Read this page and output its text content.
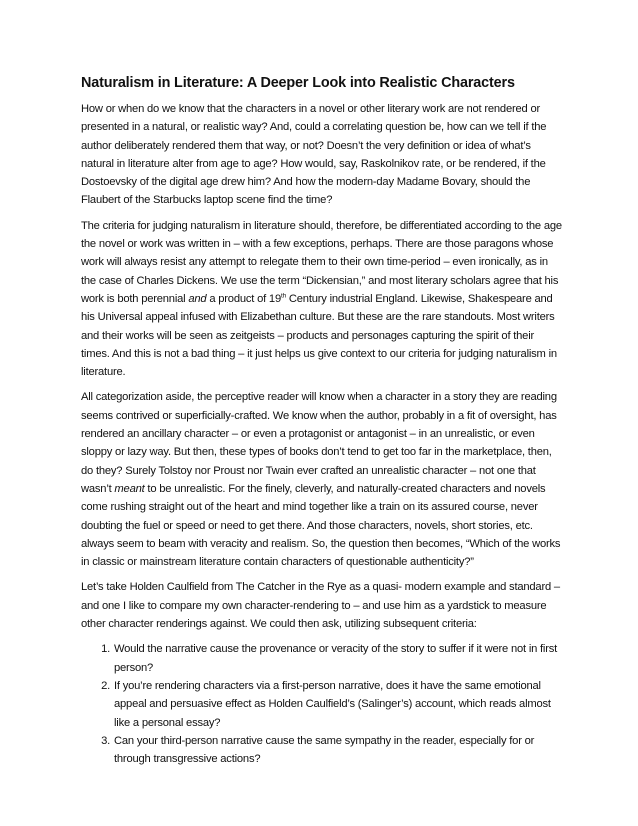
Naturalism in Literature: A Deeper Look into Realistic Characters

How or when do we know that the characters in a novel or other literary work are not rendered or presented in a natural, or realistic way? And, could a correlating question be, how can we tell if the author deliberately rendered them that way, or not? Doesn’t the very definition or idea of what’s natural in literature alter from age to age? How would, say, Raskolnikov rate, or be rendered, if the Dostoevsky of the digital age drew him? And how the modern-day Madame Bovary, should the Flaubert of the Starbucks laptop scene find the time?

The criteria for judging naturalism in literature should, therefore, be differentiated according to the age the novel or work was written in – with a few exceptions, perhaps. There are those paragons whose work will always resist any attempt to relegate them to their own time-period – even ironically, as in the case of Charles Dickens. We use the term “Dickensian,” and most literary scholars agree that his work is both perennial and a product of 19th Century industrial England. Likewise, Shakespeare and his Universal appeal infused with Elizabethan culture. But these are the rare standouts. Most writers and their works will be seen as zeitgeists – products and personages capturing the spirit of their times. And this is not a bad thing – it just helps us give context to our criteria for judging naturalism in literature.

All categorization aside, the perceptive reader will know when a character in a story they are reading seems contrived or superficially-crafted. We know when the author, probably in a fit of oversight, has rendered an ancillary character – or even a protagonist or antagonist – in an unrealistic, or even sloppy or lazy way. But then, these types of books don’t tend to get too far in the marketplace, then, do they? Surely Tolstoy nor Proust nor Twain ever crafted an unrealistic character – not one that wasn’t meant to be unrealistic. For the finely, cleverly, and naturally-created characters and novels come rushing straight out of the heart and mind together like a train on its assured course, never doubting the fuel or speed or need to get there. And those characters, novels, short stories, etc. always seem to beam with veracity and realism. So, the question then becomes, “Which of the works in classic or mainstream literature contain characters of questionable authenticity?”

Let’s take Holden Caulfield from The Catcher in the Rye as a quasi- modern example and standard – and one I like to compare my own character-rendering to – and use him as a yardstick to measure other character renderings against. We could then ask, utilizing subsequent criteria:

1. Would the narrative cause the provenance or veracity of the story to suffer if it were not in first person?
2. If you’re rendering characters via a first-person narrative, does it have the same emotional appeal and persuasive effect as Holden Caulfield’s (Salinger’s) account, which reads almost like a personal essay?
3. Can your third-person narrative cause the same sympathy in the reader, especially for or through transgressive actions?
